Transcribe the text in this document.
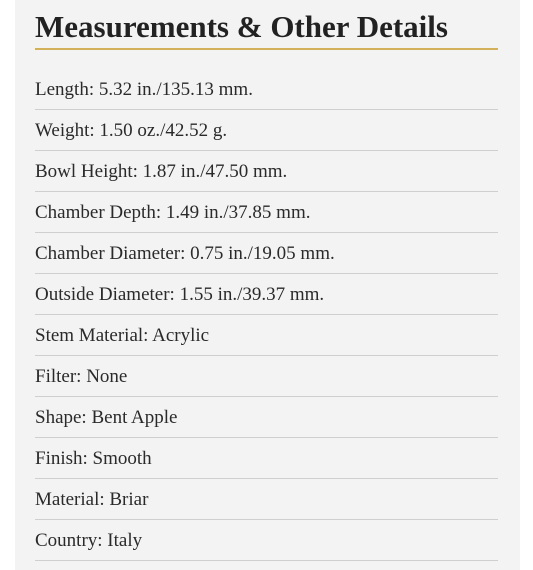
Measurements & Other Details
Length: 5.32 in./135.13 mm.
Weight: 1.50 oz./42.52 g.
Bowl Height: 1.87 in./47.50 mm.
Chamber Depth: 1.49 in./37.85 mm.
Chamber Diameter: 0.75 in./19.05 mm.
Outside Diameter: 1.55 in./39.37 mm.
Stem Material: Acrylic
Filter: None
Shape: Bent Apple
Finish: Smooth
Material: Briar
Country: Italy
